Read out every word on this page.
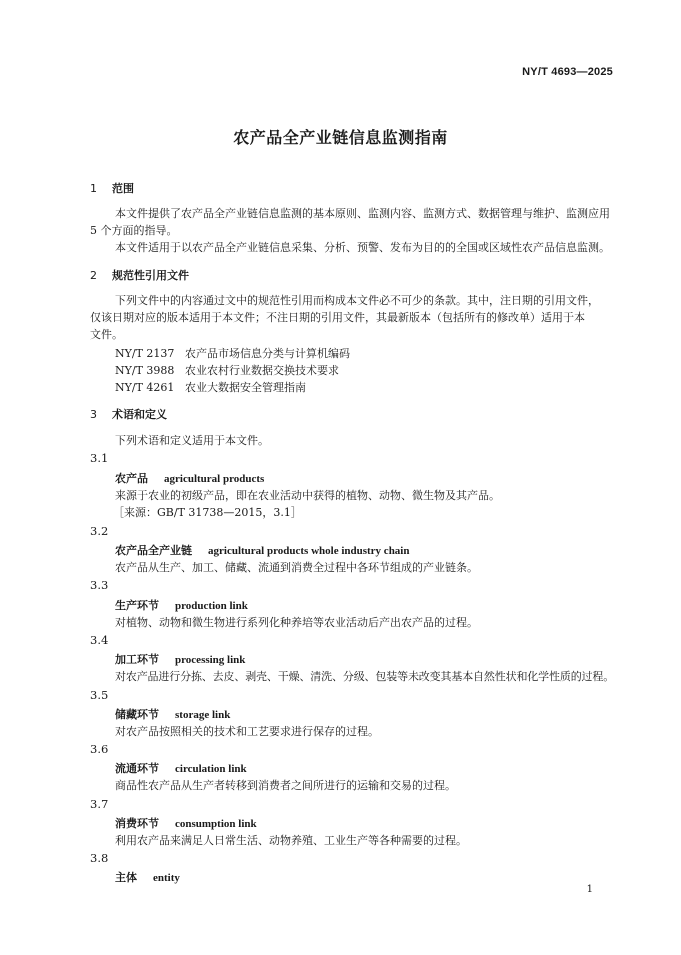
NY/T 4693—2025
农产品全产业链信息监测指南
1 范围
本文件提供了农产品全产业链信息监测的基本原则、监测内容、监测方式、数据管理与维护、监测应用
5 个方面的指导。
本文件适用于以农产品全产业链信息采集、分析、预警、发布为目的的全国或区域性农产品信息监测。
2 规范性引用文件
下列文件中的内容通过文中的规范性引用而构成本文件必不可少的条款。其中，注日期的引用文件，
仅该日期对应的版本适用于本文件；不注日期的引用文件，其最新版本（包括所有的修改单）适用于本
文件。
NY/T 2137 农产品市场信息分类与计算机编码
NY/T 3988 农业农村行业数据交换技术要求
NY/T 4261 农业大数据安全管理指南
3 术语和定义
下列术语和定义适用于本文件。
3.1
农产品 agricultural products
来源于农业的初级产品，即在农业活动中获得的植物、动物、微生物及其产品。
［来源：GB/T 31738—2015，3.1］
3.2
农产品全产业链 agricultural products whole industry chain
农产品从生产、加工、储藏、流通到消费全过程中各环节组成的产业链条。
3.3
生产环节 production link
对植物、动物和微生物进行系列化种养培等农业活动后产出农产品的过程。
3.4
加工环节 processing link
对农产品进行分拣、去皮、剥壳、干燥、清洗、分级、包装等未改变其基本自然性状和化学性质的过程。
3.5
储藏环节 storage link
对农产品按照相关的技术和工艺要求进行保存的过程。
3.6
流通环节 circulation link
商品性农产品从生产者转移到消费者之间所进行的运输和交易的过程。
3.7
消费环节 consumption link
利用农产品来满足人日常生活、动物养殖、工业生产等各种需要的过程。
3.8
主体 entity
1
